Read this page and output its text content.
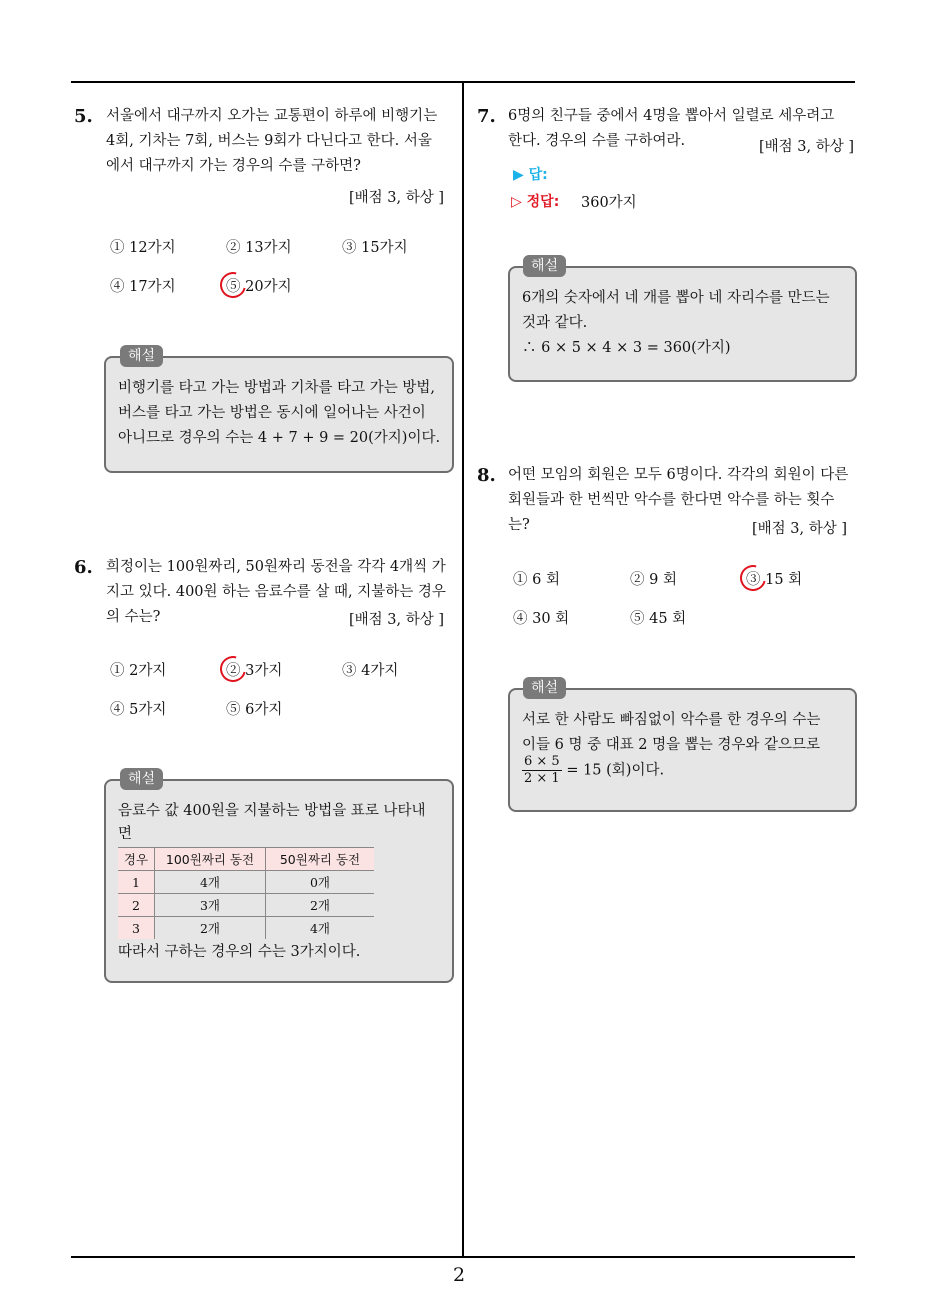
2
5. 서울에서 대구까지 오가는 교통편이 하루에 비행기는
4회, 기차는 7회, 버스는 9회가 다닌다고 한다. 서울
에서 대구까지 가는 경우의 수를 구하면?
[배점 3, 하상 ]
① 12가지	② 13가지	③ 15가지
④ 17가지	⑤ 20가지
해설
비행기를 타고 가는 방법과 기차를 타고 가는 방법,
버스를 타고 가는 방법은 동시에 일어나는 사건이
아니므로 경우의 수는 4 + 7 + 9 = 20(가지)이다.
6. 희정이는 100원짜리, 50원짜리 동전을 각각 4개씩 가
지고 있다. 400원 하는 음료수를 살 때, 지불하는 경우
의 수는?	[배점 3, 하상 ]
① 2가지	② 3가지	③ 4가지
④ 5가지	⑤ 6가지
해설
음료수 값 400원을 지불하는 방법을 표로 나타내
면
경우	100원짜리 동전	50원짜리 동전
1	4개	0개
2	3개	2개
3	2개	4개
따라서 구하는 경우의 수는 3가지이다.
7. 6명의 친구들 중에서 4명을 뽑아서 일렬로 세우려고
한다. 경우의 수를 구하여라.	[배점 3, 하상 ]
▶ 답:
▷ 정답: 360가지
해설
6개의 숫자에서 네 개를 뽑아 네 자리수를 만드는
것과 같다.
∴ 6 × 5 × 4 × 3 = 360(가지)
8. 어떤 모임의 회원은 모두 6명이다. 각각의 회원이 다른
회원들과 한 번씩만 악수를 한다면 악수를 하는 횟수
는?	[배점 3, 하상 ]
① 6 회	② 9 회	③ 15 회
④ 30 회	⑤ 45 회
해설
서로 한 사람도 빠짐없이 악수를 한 경우의 수는
이들 6 명 중 대표 2 명을 뽑는 경우와 같으므로
$\frac{6 \times 5}{2 \times 1} = 15$ (회)이다.
